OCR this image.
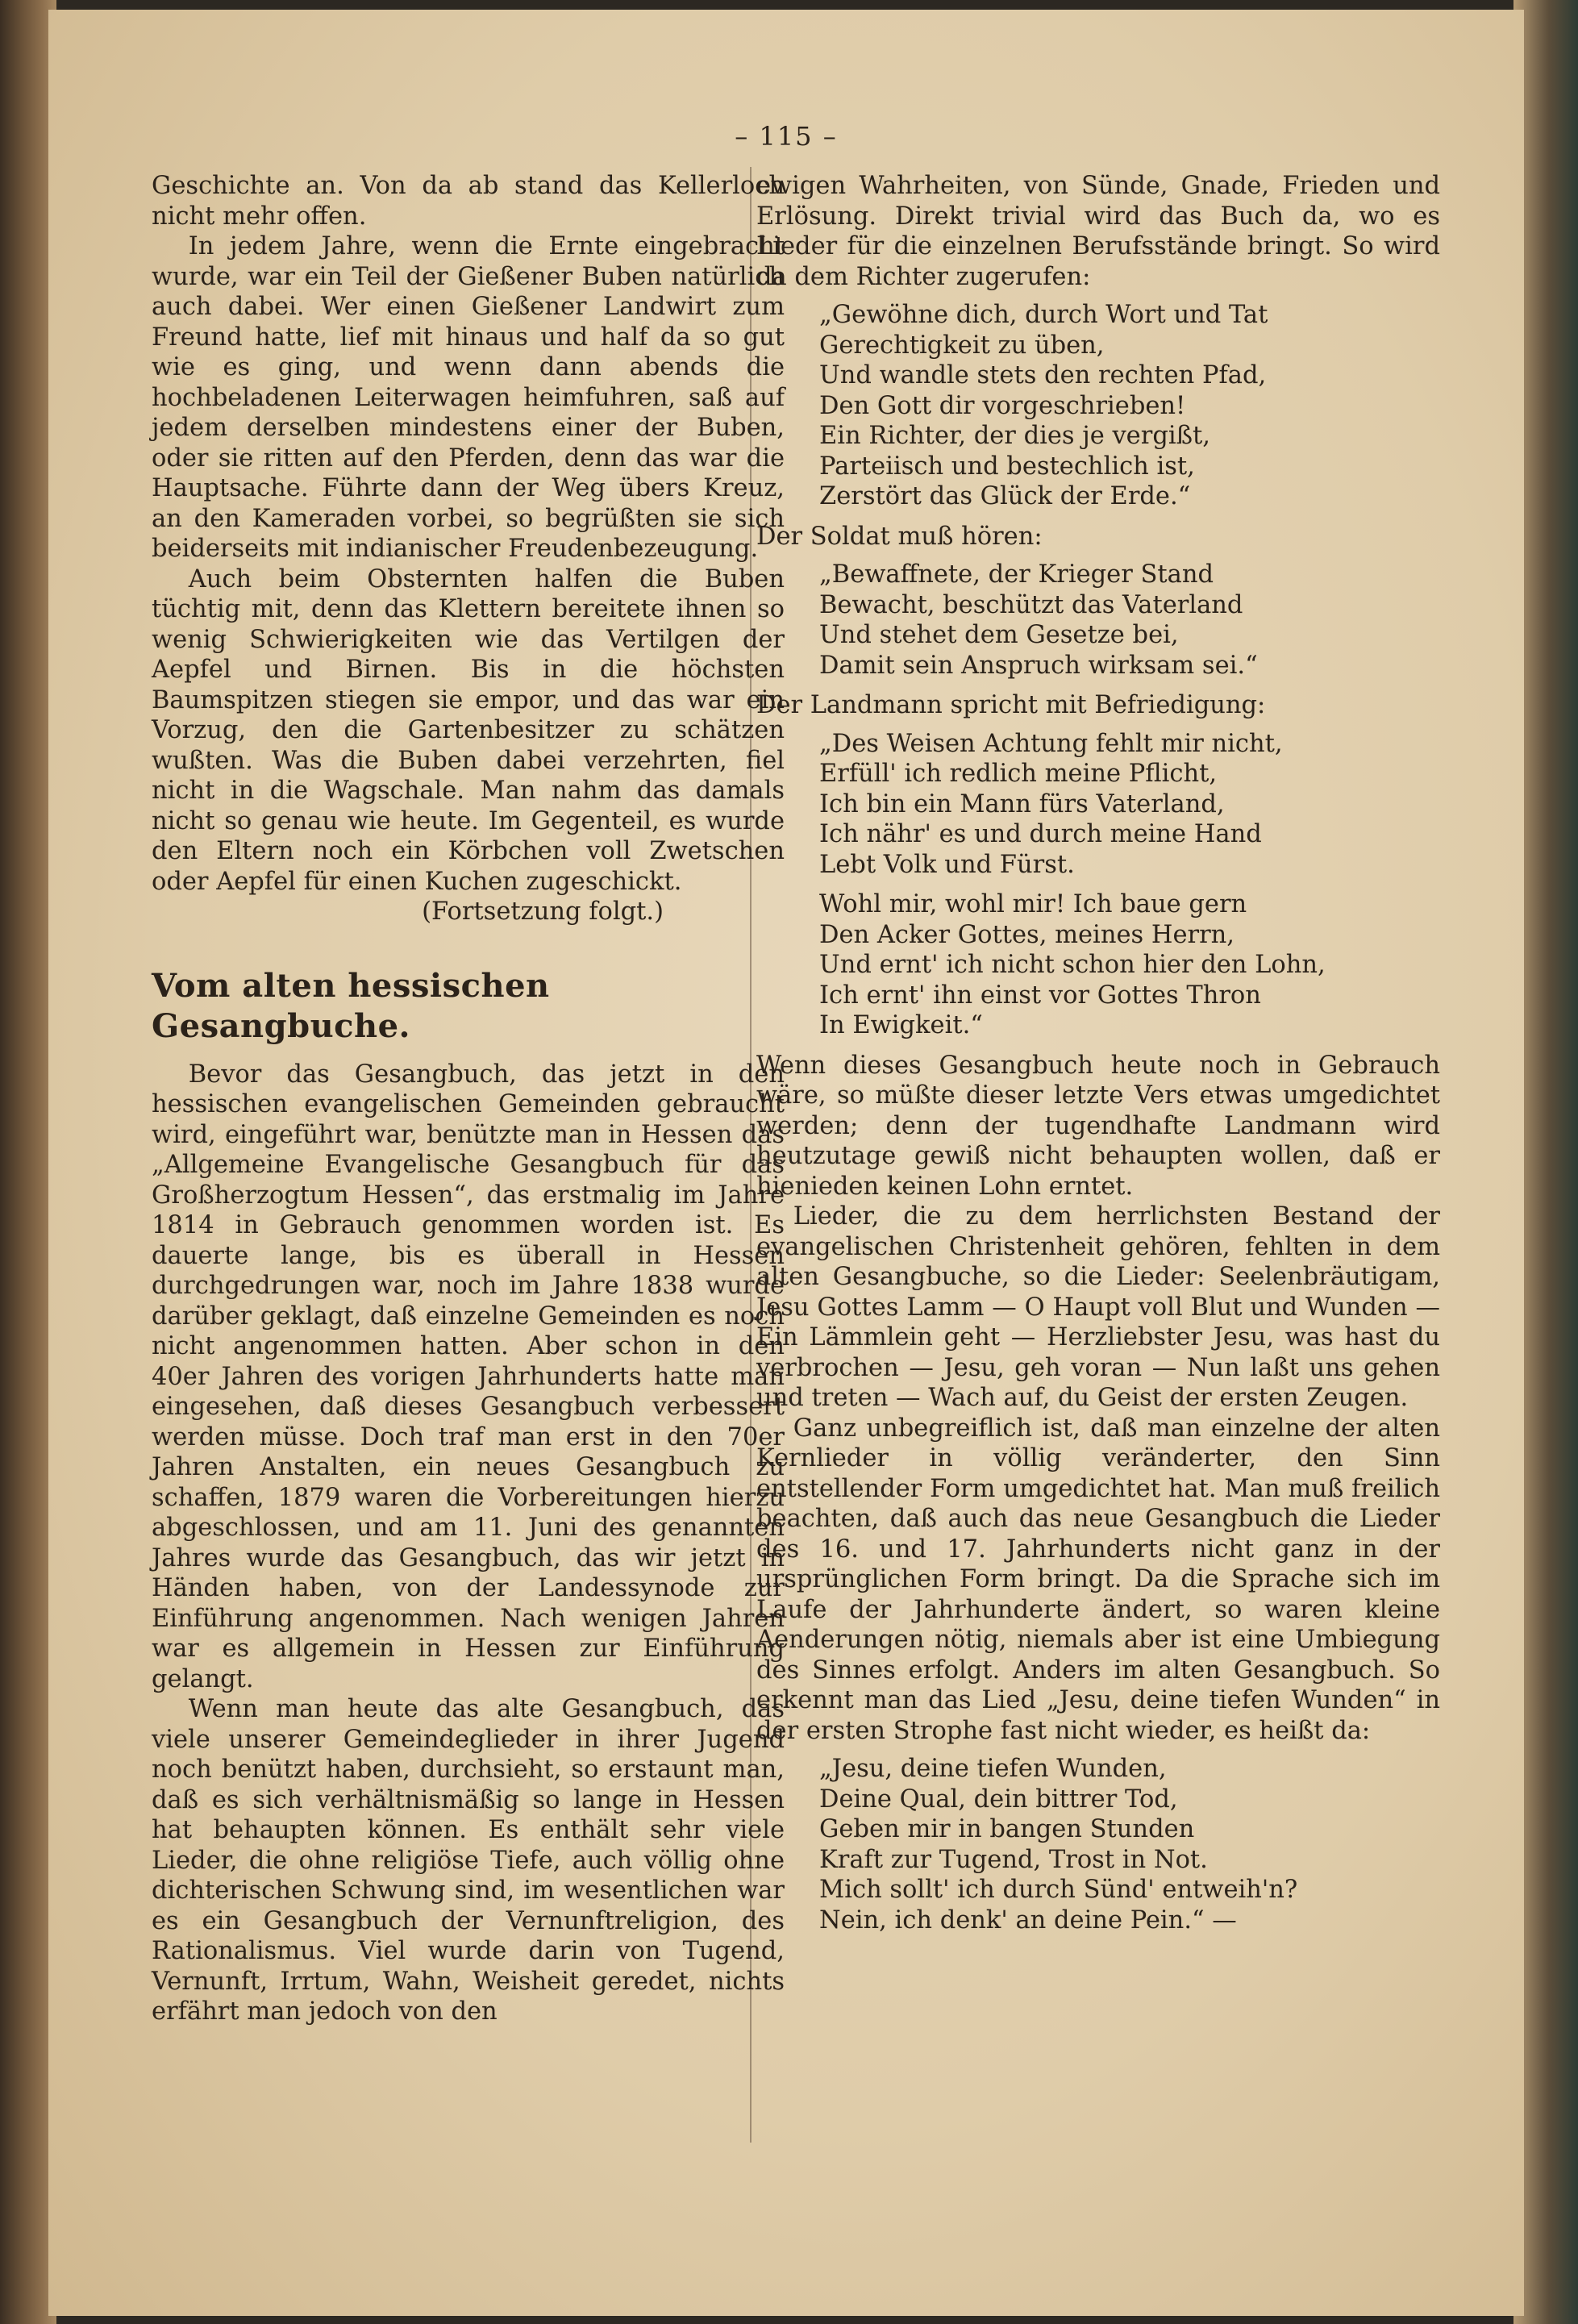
– 115 –

Geschichte an. Von da ab stand das Kellerloch nicht mehr offen.

In jedem Jahre, wenn die Ernte eingebracht wurde, war ein Teil der Gießener Buben natürlich auch dabei. Wer einen Gießener Landwirt zum Freund hatte, lief mit hinaus und half da so gut wie es ging, und wenn dann abends die hochbeladenen Leiterwagen heimfuhren, saß auf jedem derselben mindestens einer der Buben, oder sie ritten auf den Pferden, denn das war die Hauptsache. Führte dann der Weg übers Kreuz, an den Kameraden vorbei, so begrüßten sie sich beiderseits mit indianischer Freudenbezeugung.

Auch beim Obsternten halfen die Buben tüchtig mit, denn das Klettern bereitete ihnen so wenig Schwierigkeiten wie das Vertilgen der Aepfel und Birnen. Bis in die höchsten Baumspitzen stiegen sie empor, und das war ein Vorzug, den die Gartenbesitzer zu schätzen wußten. Was die Buben dabei verzehrten, fiel nicht in die Wagschale. Man nahm das damals nicht so genau wie heute. Im Gegenteil, es wurde den Eltern noch ein Körbchen voll Zwetschen oder Aepfel für einen Kuchen zugeschickt.

(Fortsetzung folgt.)

Vom alten hessischen Gesangbuche.

Bevor das Gesangbuch, das jetzt in den hessischen evangelischen Gemeinden gebraucht wird, eingeführt war, benützte man in Hessen das „Allgemeine Evangelische Gesangbuch für das Großherzogtum Hessen“, das erstmalig im Jahre 1814 in Gebrauch genommen worden ist. Es dauerte lange, bis es überall in Hessen durchgedrungen war, noch im Jahre 1838 wurde darüber geklagt, daß einzelne Gemeinden es noch nicht angenommen hatten. Aber schon in den 40er Jahren des vorigen Jahrhunderts hatte man eingesehen, daß dieses Gesangbuch verbessert werden müsse. Doch traf man erst in den 70er Jahren Anstalten, ein neues Gesangbuch zu schaffen, 1879 waren die Vorbereitungen hierzu abgeschlossen, und am 11. Juni des genannten Jahres wurde das Gesangbuch, das wir jetzt in Händen haben, von der Landessynode zur Einführung angenommen. Nach wenigen Jahren war es allgemein in Hessen zur Einführung gelangt.

Wenn man heute das alte Gesangbuch, das viele unserer Gemeindeglieder in ihrer Jugend noch benützt haben, durchsieht, so erstaunt man, daß es sich verhältnismäßig so lange in Hessen hat behaupten können. Es enthält sehr viele Lieder, die ohne religiöse Tiefe, auch völlig ohne dichterischen Schwung sind, im wesentlichen war es ein Gesangbuch der Vernunftreligion, des Rationalismus. Viel wurde darin von Tugend, Vernunft, Irrtum, Wahn, Weisheit geredet, nichts erfährt man jedoch von den

ewigen Wahrheiten, von Sünde, Gnade, Frieden und Erlösung. Direkt trivial wird das Buch da, wo es Lieder für die einzelnen Berufsstände bringt. So wird da dem Richter zugerufen:

„Gewöhne dich, durch Wort und Tat
Gerechtigkeit zu üben,
Und wandle stets den rechten Pfad,
Den Gott dir vorgeschrieben!
Ein Richter, der dies je vergißt,
Parteiisch und bestechlich ist,
Zerstört das Glück der Erde.“

Der Soldat muß hören:

„Bewaffnete, der Krieger Stand
Bewacht, beschützt das Vaterland
Und stehet dem Gesetze bei,
Damit sein Anspruch wirksam sei.“

Der Landmann spricht mit Befriedigung:

„Des Weisen Achtung fehlt mir nicht,
Erfüll' ich redlich meine Pflicht,
Ich bin ein Mann fürs Vaterland,
Ich nähr' es und durch meine Hand
Lebt Volk und Fürst.
Wohl mir, wohl mir! Ich baue gern
Den Acker Gottes, meines Herrn,
Und ernt' ich nicht schon hier den Lohn,
Ich ernt' ihn einst vor Gottes Thron
In Ewigkeit.“

Wenn dieses Gesangbuch heute noch in Gebrauch wäre, so müßte dieser letzte Vers etwas umgedichtet werden; denn der tugendhafte Landmann wird heutzutage gewiß nicht behaupten wollen, daß er hienieden keinen Lohn erntet.

Lieder, die zu dem herrlichsten Bestand der evangelischen Christenheit gehören, fehlten in dem alten Gesangbuche, so die Lieder: Seelenbräutigam, Jesu Gottes Lamm — O Haupt voll Blut und Wunden — Ein Lämmlein geht — Herzliebster Jesu, was hast du verbrochen — Jesu, geh voran — Nun laßt uns gehen und treten — Wach auf, du Geist der ersten Zeugen.

Ganz unbegreiflich ist, daß man einzelne der alten Kernlieder in völlig veränderter, den Sinn entstellender Form umgedichtet hat. Man muß freilich beachten, daß auch das neue Gesangbuch die Lieder des 16. und 17. Jahrhunderts nicht ganz in der ursprünglichen Form bringt. Da die Sprache sich im Laufe der Jahrhunderte ändert, so waren kleine Aenderungen nötig, niemals aber ist eine Umbiegung des Sinnes erfolgt. Anders im alten Gesangbuch. So erkennt man das Lied „Jesu, deine tiefen Wunden“ in der ersten Strophe fast nicht wieder, es heißt da:

„Jesu, deine tiefen Wunden,
Deine Qual, dein bittrer Tod,
Geben mir in bangen Stunden
Kraft zur Tugend, Trost in Not.
Mich sollt' ich durch Sünd' entweih'n?
Nein, ich denk' an deine Pein.“ —
